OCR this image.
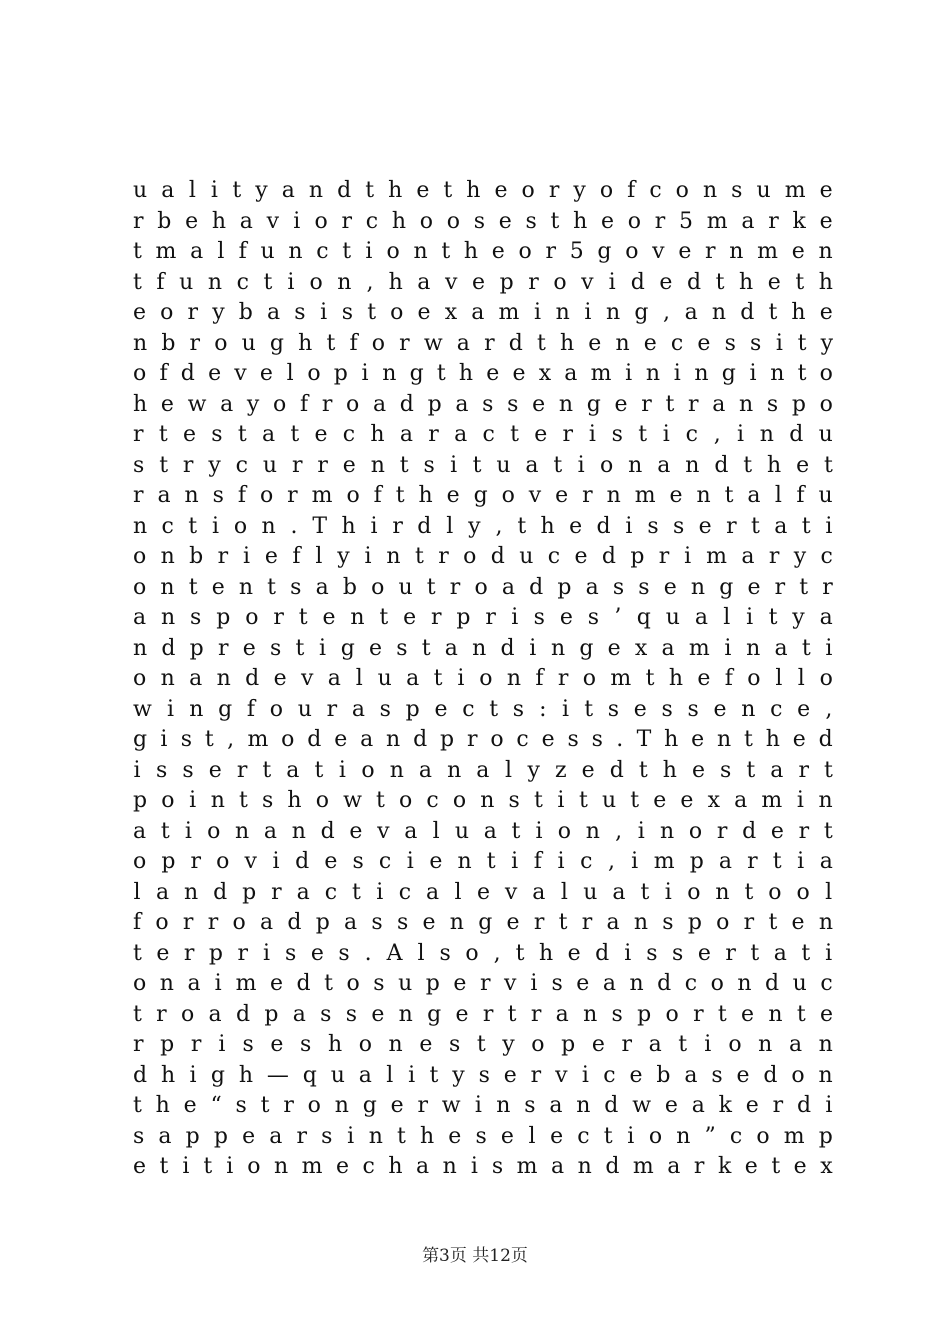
u a l i t y a n d t h e t h e o r y o f c o n s u m e
r b e h a v i o r c h o o s e s t h e o r 5 m a r k e
t m a l f u n c t i o n t h e o r 5 g o v e r n m e n
t f u n c t i o n , h a v e p r o v i d e d t h e t h
e o r y b a s i s t o e x a m i n i n g , a n d t h e
n b r o u g h t f o r w a r d t h e n e c e s s i t y
o f d e v e l o p i n g t h e e x a m i n i n g i n t o
h e w a y o f r o a d p a s s e n g e r t r a n s p o
r t e s t a t e c h a r a c t e r i s t i c , i n d u
s t r y c u r r e n t s i t u a t i o n a n d t h e t
r a n s f o r m o f t h e g o v e r n m e n t a l f u
n c t i o n . T h i r d l y , t h e d i s s e r t a t i
o n b r i e f l y i n t r o d u c e d p r i m a r y c
o n t e n t s a b o u t r o a d p a s s e n g e r t r
a n s p o r t e n t e r p r i s e s ’ q u a l i t y a
n d p r e s t i g e s t a n d i n g e x a m i n a t i
o n a n d e v a l u a t i o n f r o m t h e f o l l o
w i n g f o u r a s p e c t s : i t s e s s e n c e ,
g i s t , m o d e a n d p r o c e s s . T h e n t h e d
i s s e r t a t i o n a n a l y z e d t h e s t a r t
p o i n t s h o w t o c o n s t i t u t e e x a m i n
a t i o n a n d e v a l u a t i o n , i n o r d e r t
o p r o v i d e s c i e n t i f i c , i m p a r t i a
l a n d p r a c t i c a l e v a l u a t i o n t o o l
f o r r o a d p a s s e n g e r t r a n s p o r t e n
t e r p r i s e s . A l s o , t h e d i s s e r t a t i
o n a i m e d t o s u p e r v i s e a n d c o n d u c
t r o a d p a s s e n g e r t r a n s p o r t e n t e
r p r i s e s h o n e s t y o p e r a t i o n a n
d h i g h — q u a l i t y s e r v i c e b a s e d o n
t h e “ s t r o n g e r w i n s a n d w e a k e r d i
s a p p e a r s i n t h e s e l e c t i o n ” c o m p
e t i t i o n m e c h a n i s m a n d m a r k e t e x
第3页 共12页
